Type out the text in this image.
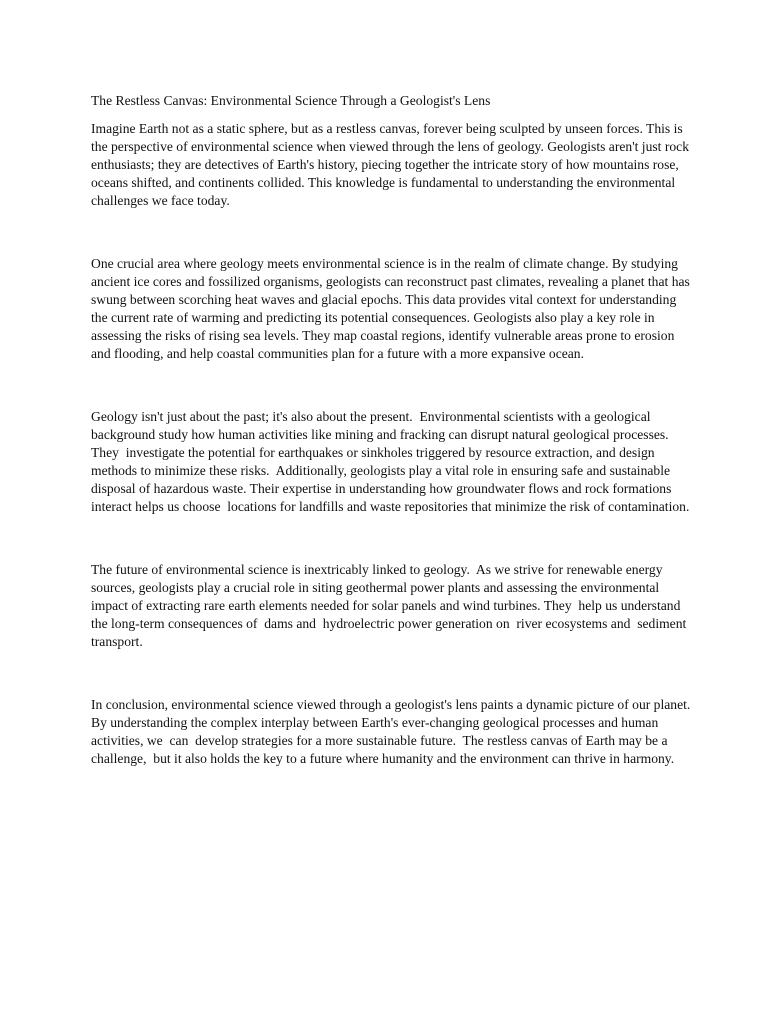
The Restless Canvas: Environmental Science Through a Geologist's Lens

Imagine Earth not as a static sphere, but as a restless canvas, forever being sculpted by unseen forces. This is the perspective of environmental science when viewed through the lens of geology. Geologists aren't just rock enthusiasts; they are detectives of Earth's history, piecing together the intricate story of how mountains rose, oceans shifted, and continents collided. This knowledge is fundamental to understanding the environmental challenges we face today.

One crucial area where geology meets environmental science is in the realm of climate change. By studying ancient ice cores and fossilized organisms, geologists can reconstruct past climates, revealing a planet that has swung between scorching heat waves and glacial epochs. This data provides vital context for understanding the current rate of warming and predicting its potential consequences. Geologists also play a key role in assessing the risks of rising sea levels. They map coastal regions, identify vulnerable areas prone to erosion and flooding, and help coastal communities plan for a future with a more expansive ocean.

Geology isn't just about the past; it's also about the present.  Environmental scientists with a geological background study how human activities like mining and fracking can disrupt natural geological processes. They  investigate the potential for earthquakes or sinkholes triggered by resource extraction, and design methods to minimize these risks.  Additionally, geologists play a vital role in ensuring safe and sustainable disposal of hazardous waste. Their expertise in understanding how groundwater flows and rock formations interact helps us choose  locations for landfills and waste repositories that minimize the risk of contamination.

The future of environmental science is inextricably linked to geology.  As we strive for renewable energy sources, geologists play a crucial role in siting geothermal power plants and assessing the environmental impact of extracting rare earth elements needed for solar panels and wind turbines. They  help us understand the long-term consequences of  dams and  hydroelectric power generation on  river ecosystems and  sediment transport.

In conclusion, environmental science viewed through a geologist's lens paints a dynamic picture of our planet.  By understanding the complex interplay between Earth's ever-changing geological processes and human activities, we  can  develop strategies for a more sustainable future.  The restless canvas of Earth may be a challenge,  but it also holds the key to a future where humanity and the environment can thrive in harmony.
